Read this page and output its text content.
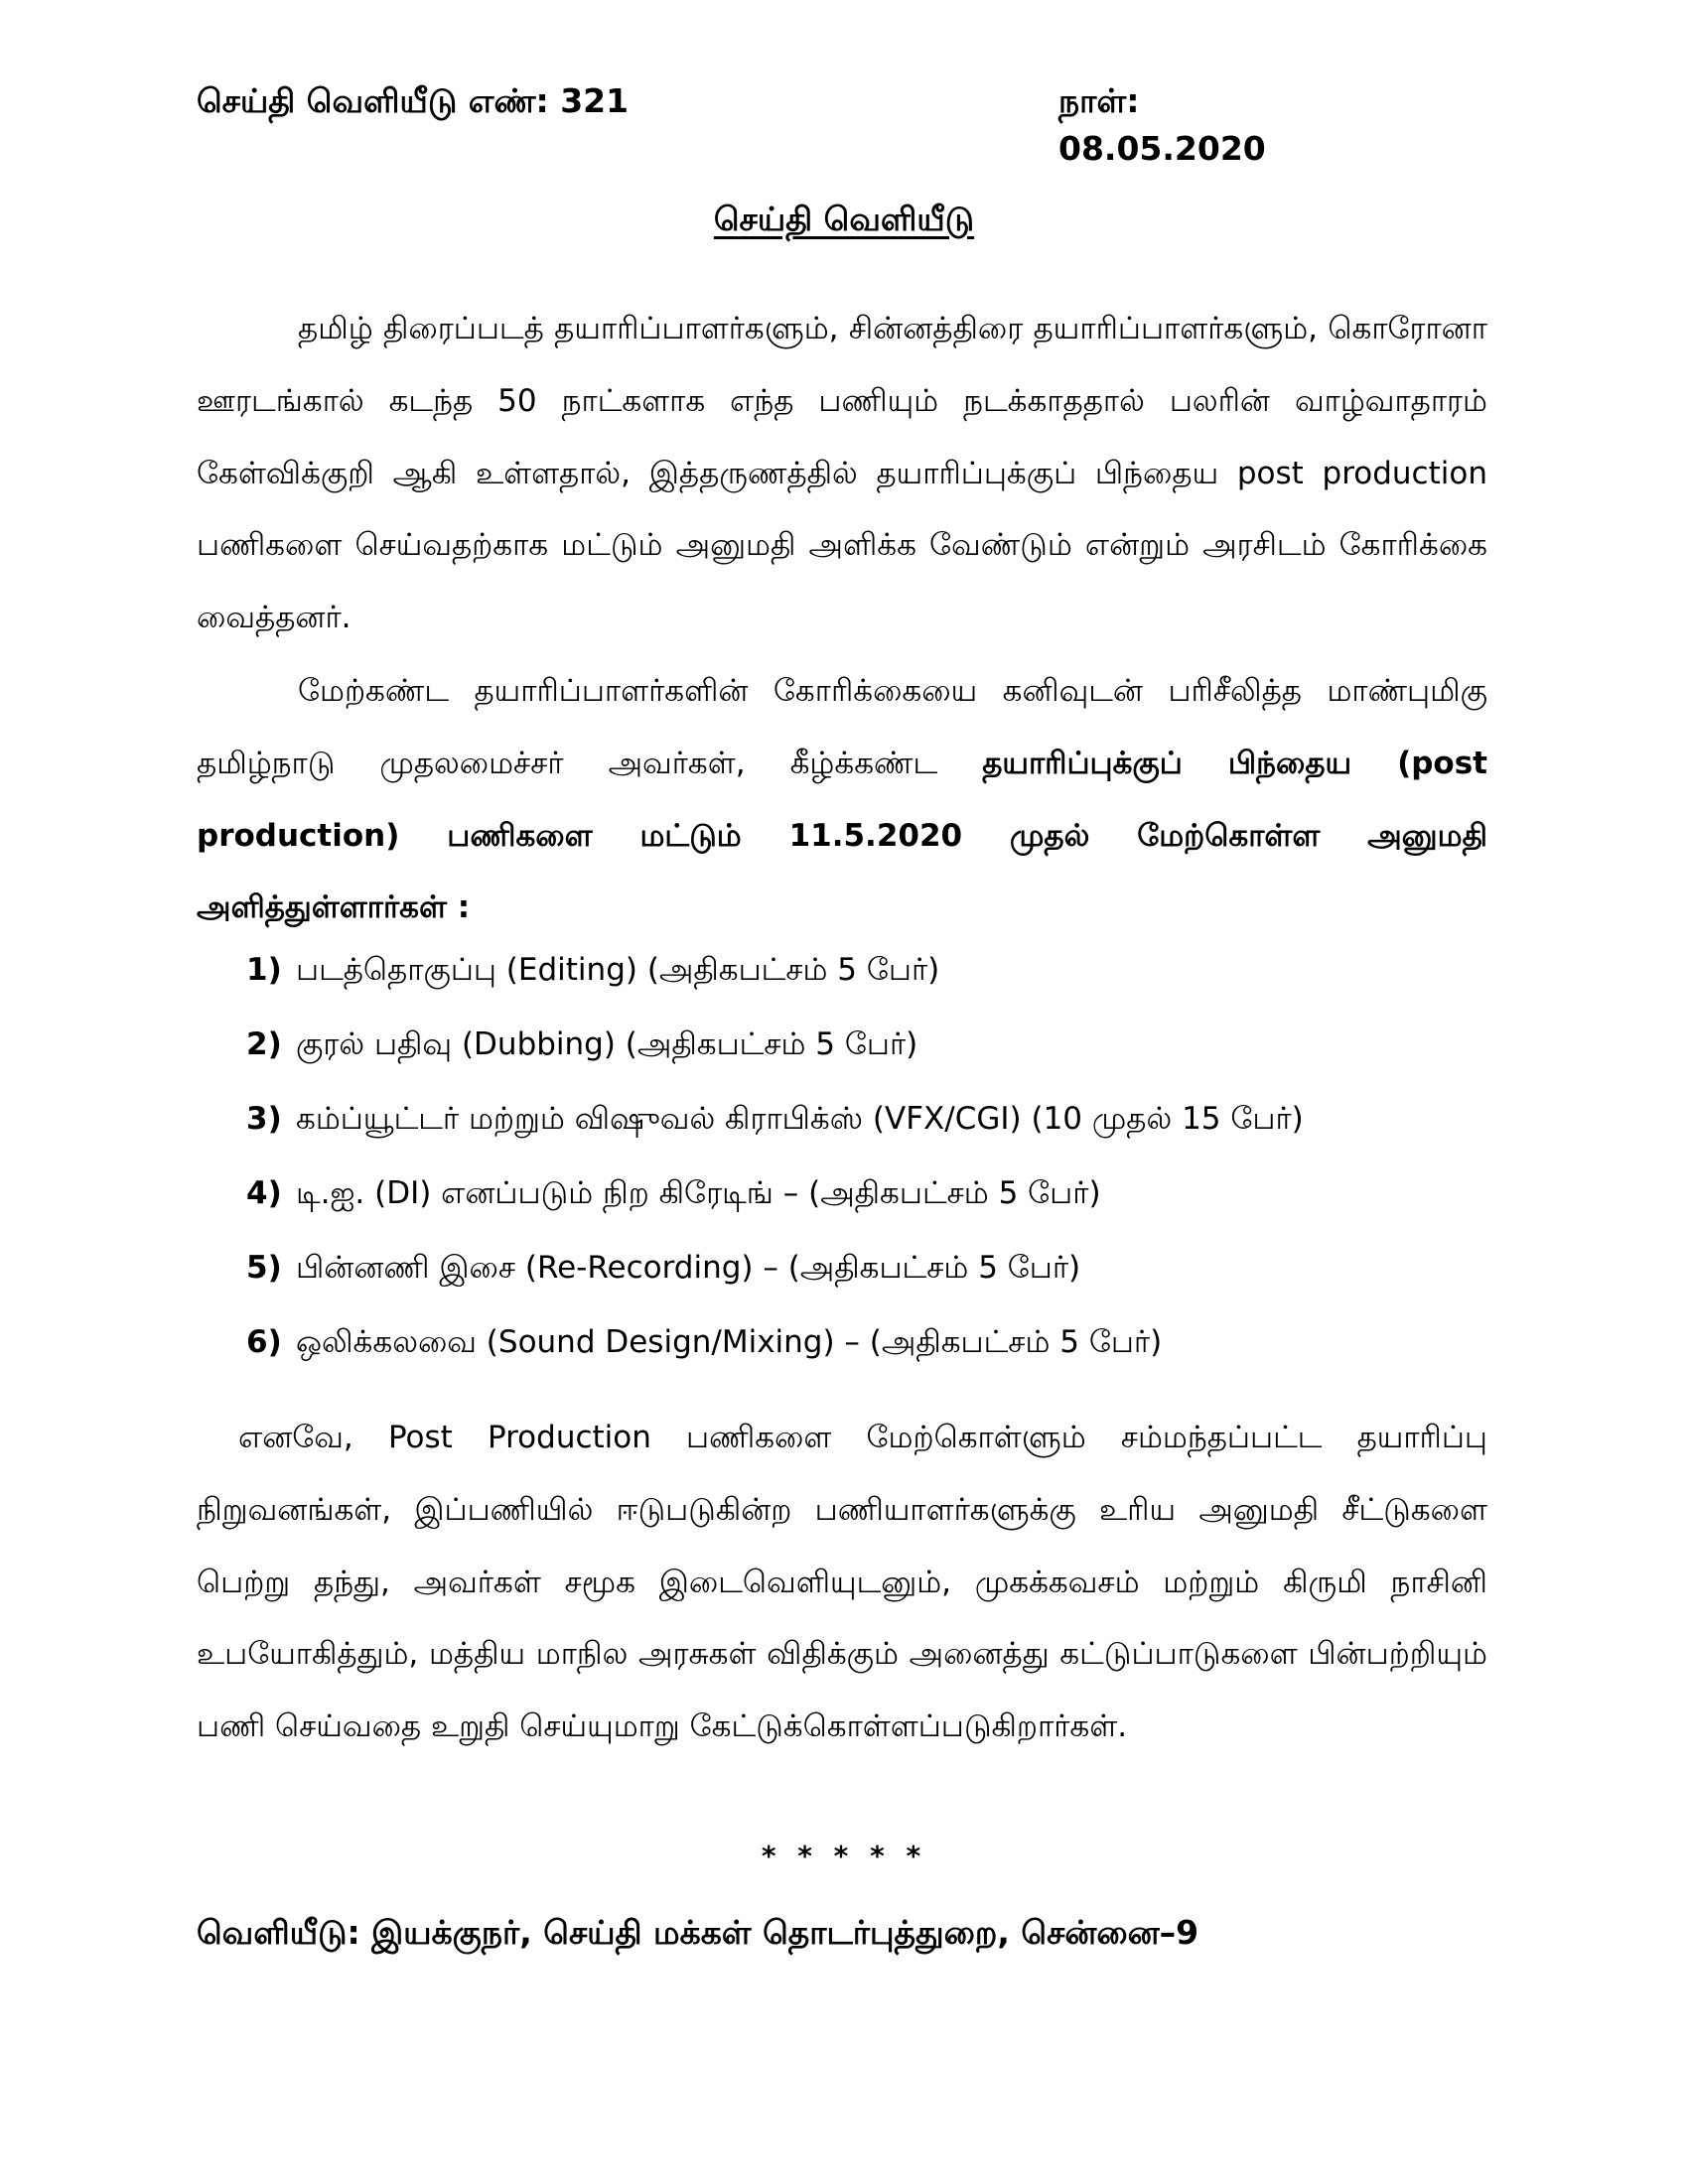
செய்தி வெளியீடு எண்: 321	நாள்: 08.05.2020
செய்தி வெளியீடு

தமிழ் திரைப்படத் தயாரிப்பாளர்களும், சின்னத்திரை தயாரிப்பாளர்களும், கொரோனா ஊரடங்கால் கடந்த 50 நாட்களாக எந்த பணியும் நடக்காததால் பலரின் வாழ்வாதாரம் கேள்விக்குறி ஆகி உள்ளதால், இத்தருணத்தில் தயாரிப்புக்குப் பிந்தைய post production பணிகளை செய்வதற்காக மட்டும் அனுமதி அளிக்க வேண்டும் என்றும் அரசிடம் கோரிக்கை வைத்தனர்.

மேற்கண்ட தயாரிப்பாளர்களின் கோரிக்கையை கனிவுடன் பரிசீலித்த மாண்புமிகு தமிழ்நாடு முதலமைச்சர் அவர்கள், கீழ்க்கண்ட தயாரிப்புக்குப் பிந்தைய (post production) பணிகளை மட்டும் 11.5.2020 முதல் மேற்கொள்ள அனுமதி அளித்துள்ளார்கள் :

1) படத்தொகுப்பு (Editing) (அதிகபட்சம் 5 பேர்)
2) குரல் பதிவு (Dubbing) (அதிகபட்சம் 5 பேர்)
3) கம்ப்யூட்டர் மற்றும் விஷுவல் கிராபிக்ஸ் (VFX/CGI) (10 முதல் 15 பேர்)
4) டி.ஐ. (DI) எனப்படும் நிற கிரேடிங் – (அதிகபட்சம் 5 பேர்)
5) பின்னணி இசை (Re-Recording) – (அதிகபட்சம் 5 பேர்)
6) ஒலிக்கலவை (Sound Design/Mixing) – (அதிகபட்சம் 5 பேர்)

எனவே, Post Production பணிகளை மேற்கொள்ளும் சம்மந்தப்பட்ட தயாரிப்பு நிறுவனங்கள், இப்பணியில் ஈடுபடுகின்ற பணியாளர்களுக்கு உரிய அனுமதி சீட்டுகளை பெற்று தந்து, அவர்கள் சமூக இடைவெளியுடனும், முகக்கவசம் மற்றும் கிருமி நாசினி உபயோகித்தும், மத்திய மாநில அரசுகள் விதிக்கும் அனைத்து கட்டுப்பாடுகளை பின்பற்றியும் பணி செய்வதை உறுதி செய்யுமாறு கேட்டுக்கொள்ளப்படுகிறார்கள்.

* * * * *
வெளியீடு: இயக்குநர், செய்தி மக்கள் தொடர்புத்துறை, சென்னை–9
